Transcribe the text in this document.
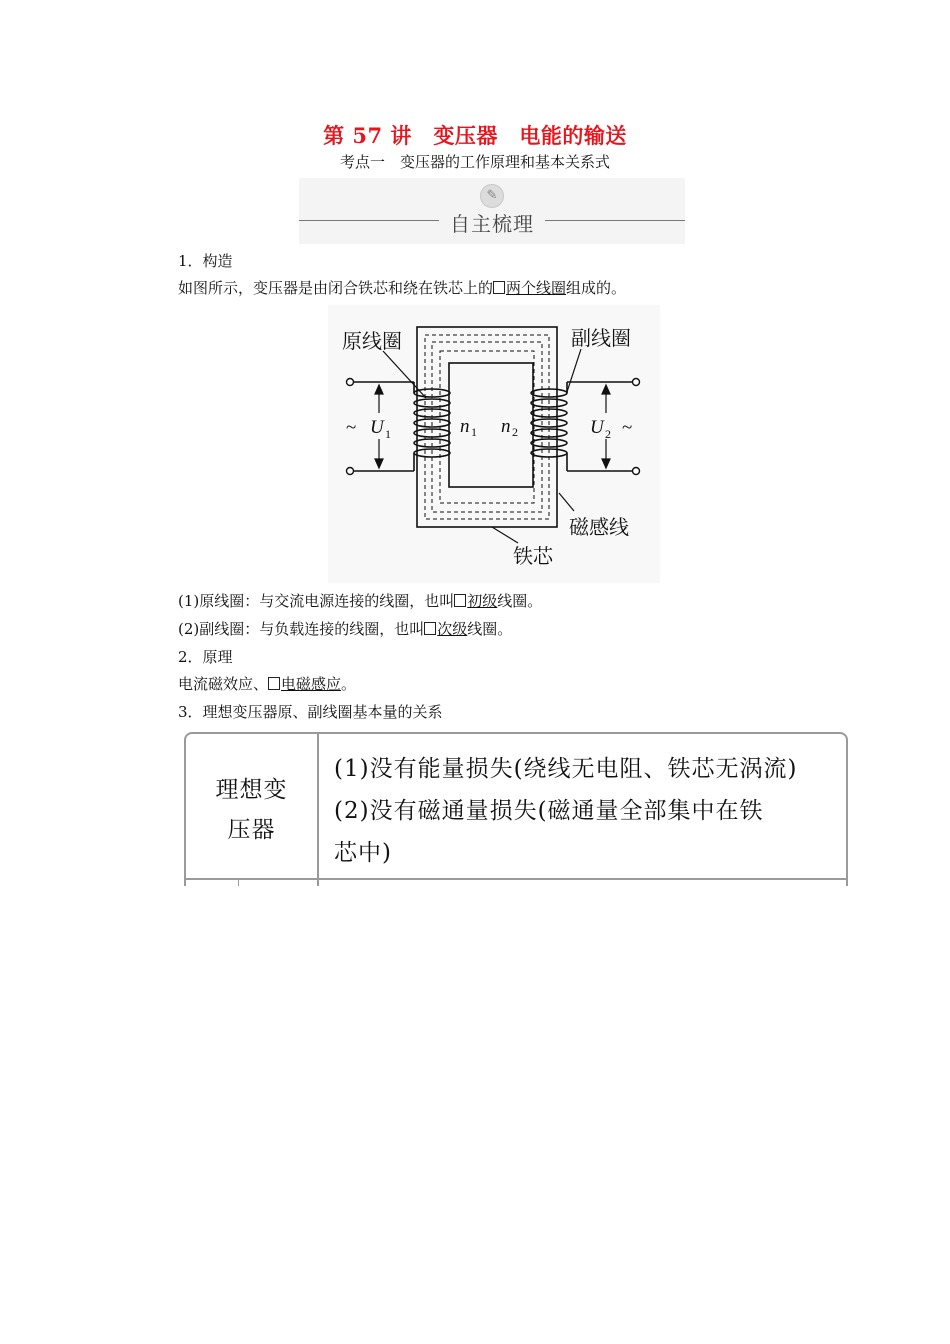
第 57 讲　变压器　电能的输送
考点一　变压器的工作原理和基本关系式
✎
自主梳理
1．构造
如图所示，变压器是由闭合铁芯和绕在铁芯上的 两个线圈组成的。
原线圈	副线圈
磁感线
铁芯
~	~
U 1	U 2
n 1 n 2
(1)原线圈：与交流电源连接的线圈，也叫 初级线圈。
(2)副线圈：与负载连接的线圈，也叫 次级线圈。
2．原理
电流磁效应、 电磁感应。
3．理想变压器原、副线圈基本量的关系
理想变
压器
(1)没有能量损失(绕线无电阻、铁芯无涡流)
(2)没有磁通量损失(磁通量全部集中在铁
芯中)
